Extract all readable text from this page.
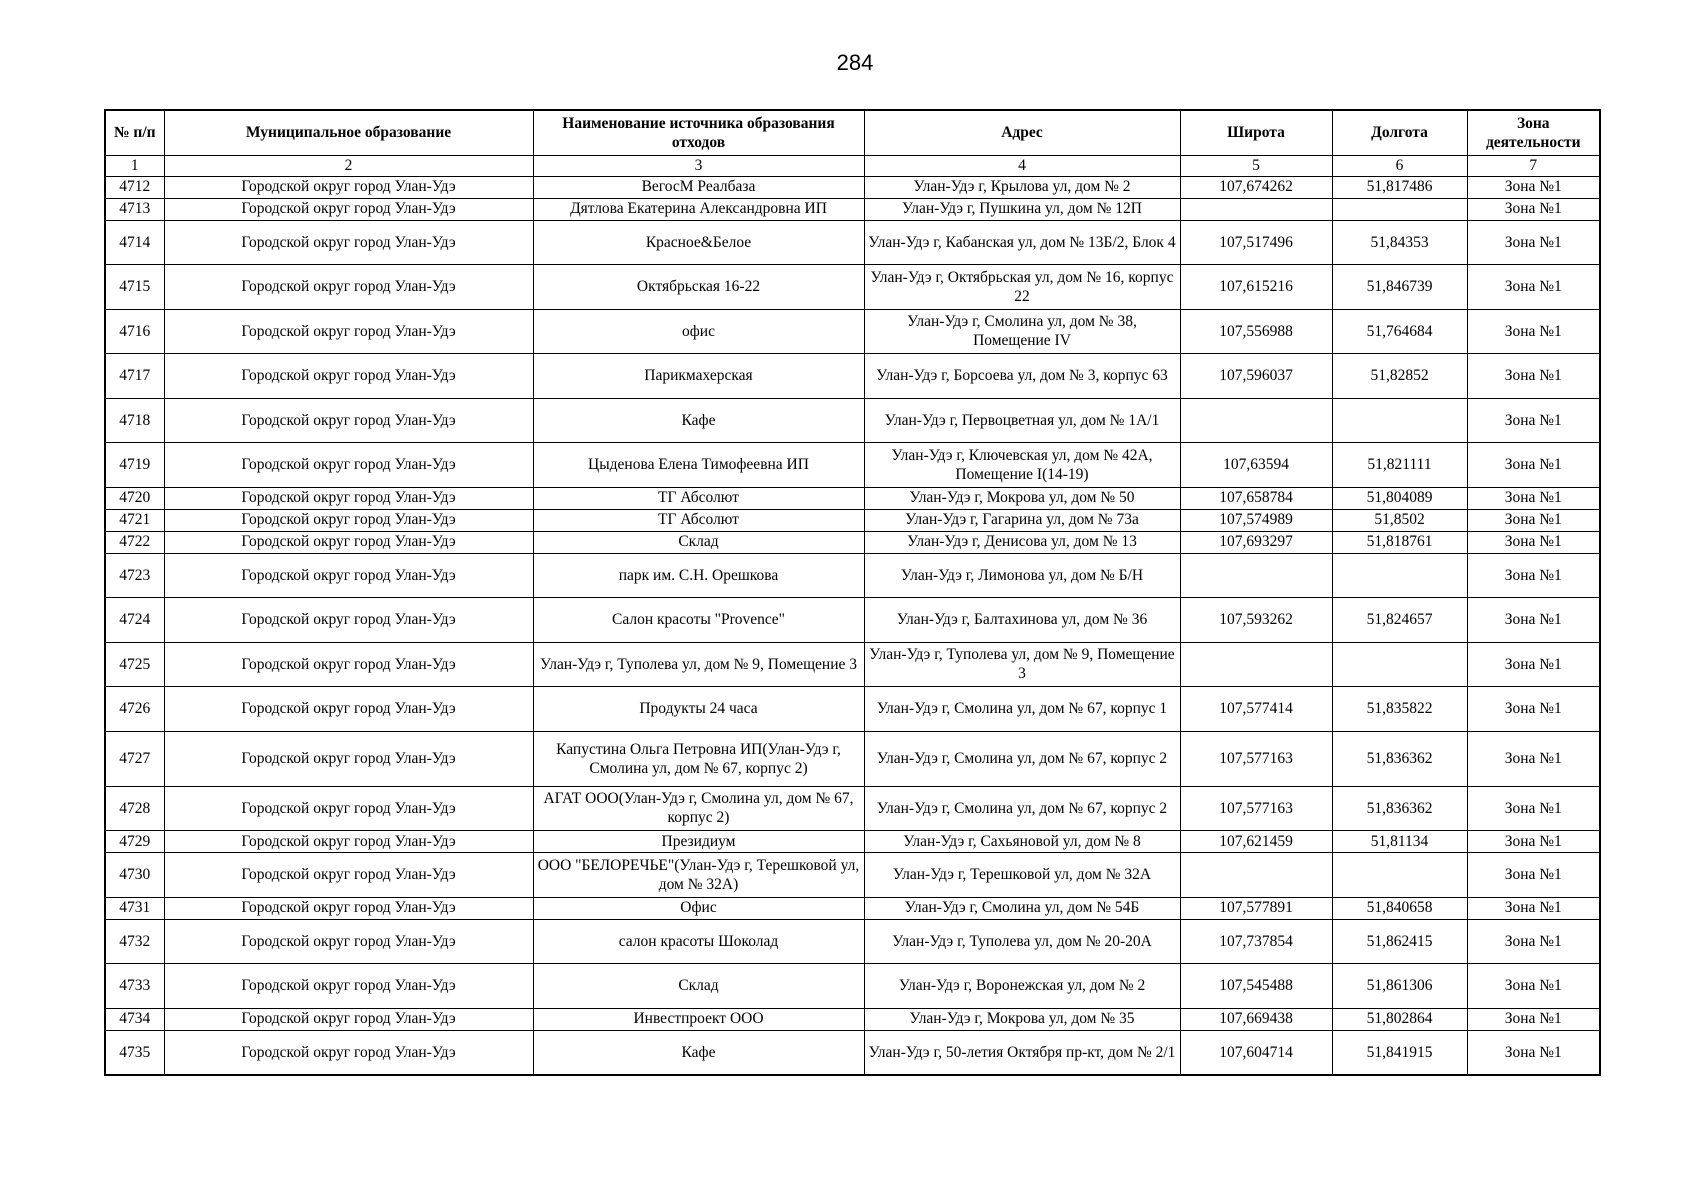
284
№ п/п	Муниципальное образование	Наименование источника образования отходов	Адрес	Широта	Долгота	Зона деятельности
1	2	3	4	5	6	7
4712	Городской округ город Улан-Удэ	ВегосМ Реалбаза	Улан-Удэ г, Крылова ул, дом № 2	107,674262	51,817486	Зона №1
4713	Городской округ город Улан-Удэ	Дятлова Екатерина Александровна ИП	Улан-Удэ г, Пушкина ул, дом № 12П			Зона №1
4714	Городской округ город Улан-Удэ	Красное&Белое	Улан-Удэ г, Кабанская ул, дом № 13Б/2, Блок 4	107,517496	51,84353	Зона №1
4715	Городской округ город Улан-Удэ	Октябрьская 16-22	Улан-Удэ г, Октябрьская ул, дом № 16, корпус 22	107,615216	51,846739	Зона №1
4716	Городской округ город Улан-Удэ	офис	Улан-Удэ г, Смолина ул, дом № 38, Помещение IV	107,556988	51,764684	Зона №1
4717	Городской округ город Улан-Удэ	Парикмахерская	Улан-Удэ г, Борсоева ул, дом № 3, корпус 63	107,596037	51,82852	Зона №1
4718	Городской округ город Улан-Удэ	Кафе	Улан-Удэ г, Первоцветная ул, дом № 1А/1			Зона №1
4719	Городской округ город Улан-Удэ	Цыденова Елена Тимофеевна ИП	Улан-Удэ г, Ключевская ул, дом № 42А, Помещение I(14-19)	107,63594	51,821111	Зона №1
4720	Городской округ город Улан-Удэ	ТГ Абсолют	Улан-Удэ г, Мокрова ул, дом № 50	107,658784	51,804089	Зона №1
4721	Городской округ город Улан-Удэ	ТГ Абсолют	Улан-Удэ г, Гагарина ул, дом № 73а	107,574989	51,8502	Зона №1
4722	Городской округ город Улан-Удэ	Склад	Улан-Удэ г, Денисова ул, дом № 13	107,693297	51,818761	Зона №1
4723	Городской округ город Улан-Удэ	парк им. С.Н. Орешкова	Улан-Удэ г, Лимонова ул, дом № Б/Н			Зона №1
4724	Городской округ город Улан-Удэ	Салон красоты "Provence"	Улан-Удэ г, Балтахинова ул, дом № 36	107,593262	51,824657	Зона №1
4725	Городской округ город Улан-Удэ	Улан-Удэ г, Туполева ул, дом № 9, Помещение 3	Улан-Удэ г, Туполева ул, дом № 9, Помещение 3			Зона №1
4726	Городской округ город Улан-Удэ	Продукты 24 часа	Улан-Удэ г, Смолина ул, дом № 67, корпус 1	107,577414	51,835822	Зона №1
4727	Городской округ город Улан-Удэ	Капустина Ольга Петровна ИП(Улан-Удэ г, Смолина ул, дом № 67, корпус 2)	Улан-Удэ г, Смолина ул, дом № 67, корпус 2	107,577163	51,836362	Зона №1
4728	Городской округ город Улан-Удэ	АГАТ ООО(Улан-Удэ г, Смолина ул, дом № 67, корпус 2)	Улан-Удэ г, Смолина ул, дом № 67, корпус 2	107,577163	51,836362	Зона №1
4729	Городской округ город Улан-Удэ	Президиум	Улан-Удэ г, Сахьяновой ул, дом № 8	107,621459	51,81134	Зона №1
4730	Городской округ город Улан-Удэ	ООО "БЕЛОРЕЧЬЕ"(Улан-Удэ г, Терешковой ул, дом № 32А)	Улан-Удэ г, Терешковой ул, дом № 32А			Зона №1
4731	Городской округ город Улан-Удэ	Офис	Улан-Удэ г, Смолина ул, дом № 54Б	107,577891	51,840658	Зона №1
4732	Городской округ город Улан-Удэ	салон красоты Шоколад	Улан-Удэ г, Туполева ул, дом № 20-20А	107,737854	51,862415	Зона №1
4733	Городской округ город Улан-Удэ	Склад	Улан-Удэ г, Воронежская ул, дом № 2	107,545488	51,861306	Зона №1
4734	Городской округ город Улан-Удэ	Инвестпроект ООО	Улан-Удэ г, Мокрова ул, дом № 35	107,669438	51,802864	Зона №1
4735	Городской округ город Улан-Удэ	Кафе	Улан-Удэ г, 50-летия Октября пр-кт, дом № 2/1	107,604714	51,841915	Зона №1
